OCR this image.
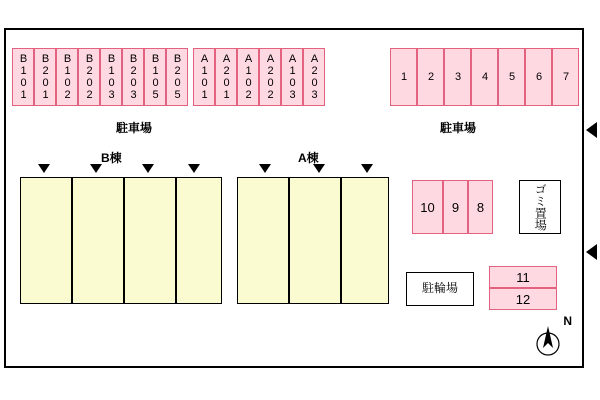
B101 B201 B102 B202 B103 B203 B105 B205	A101 A201 A102 A202 A103 A203	1	2	3	4	5	6	7
駐車場	駐車場
B棟	A棟
10	9	8	ゴミ置場
駐輪場
11
12
N
